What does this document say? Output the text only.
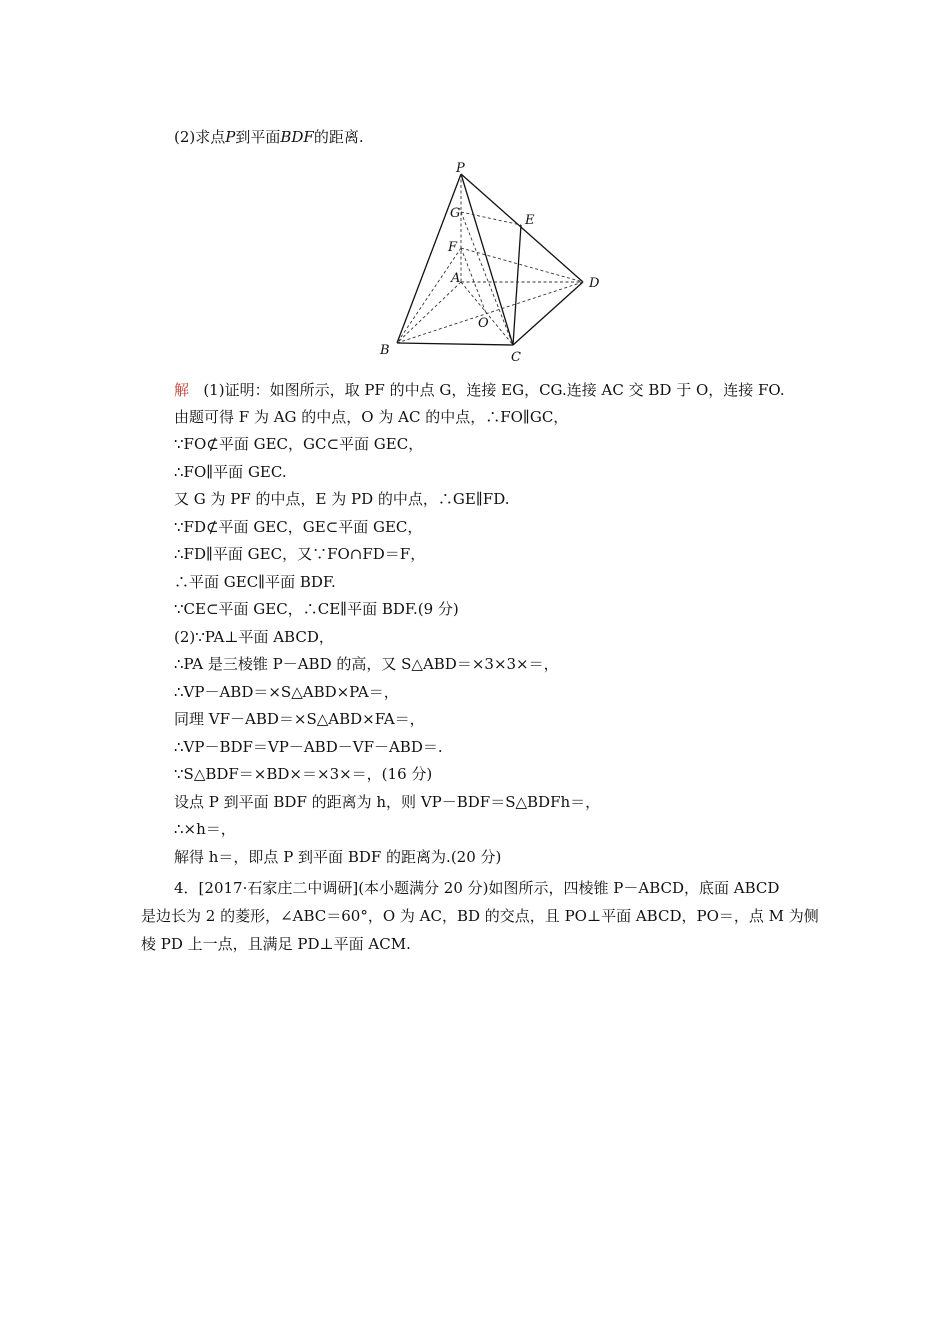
(2)求点P到平面BDF的距离.
P
G	E
F
A	D
O
B	C
解 (1)证明：如图所示，取 PF 的中点 G，连接 EG，CG.连接 AC 交 BD 于 O，连接 FO.
由题可得 F 为 AG 的中点，O 为 AC 的中点，∴FO∥GC，
∵FO⊄平面 GEC，GC⊂平面 GEC，
∴FO∥平面 GEC.
又 G 为 PF 的中点，E 为 PD 的中点，∴GE∥FD.
∵FD⊄平面 GEC，GE⊂平面 GEC，
∴FD∥平面 GEC，又∵FO∩FD＝F，
∴平面 GEC∥平面 BDF.
∵CE⊂平面 GEC，∴CE∥平面 BDF.(9 分)
(2)∵PA⊥平面 ABCD，
∴PA 是三棱锥 P－ABD 的高，又 S△ABD＝×3×3×＝，
∴VP－ABD＝×S△ABD×PA＝，
同理 VF－ABD＝×S△ABD×FA＝，
∴VP－BDF＝VP－ABD－VF－ABD＝.
∵S△BDF＝×BD×＝×3×＝，(16 分)
设点 P 到平面 BDF 的距离为 h，则 VP－BDF＝S△BDFh＝，
∴×h＝，
解得 h＝，即点 P 到平面 BDF 的距离为.(20 分)
4．[2017·石家庄二中调研](本小题满分 20 分)如图所示，四棱锥 P－ABCD，底面 ABCD
是边长为 2 的菱形，∠ABC＝60°，O 为 AC，BD 的交点，且 PO⊥平面 ABCD，PO＝，点 M 为侧
棱 PD 上一点，且满足 PD⊥平面 ACM.
